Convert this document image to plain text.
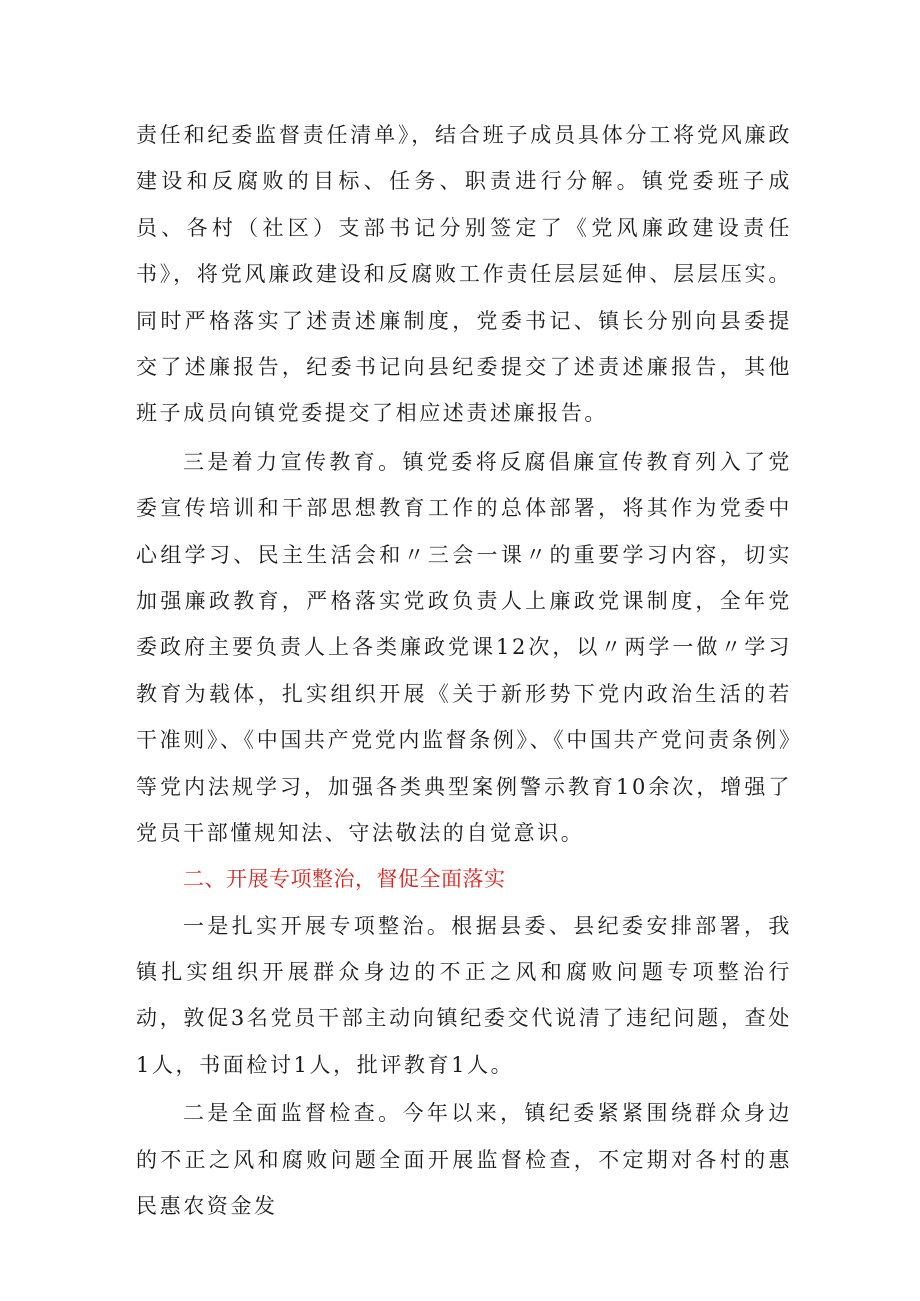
责任和纪委监督责任清单》，结合班子成员具体分工将党风廉政建设和反腐败的目标、任务、职责进行分解。镇党委班子成员、各村（社区）支部书记分别签定了《党风廉政建设责任书》，将党风廉政建设和反腐败工作责任层层延伸、层层压实。同时严格落实了述责述廉制度，党委书记、镇长分别向县委提交了述廉报告，纪委书记向县纪委提交了述责述廉报告，其他班子成员向镇党委提交了相应述责述廉报告。

三是着力宣传教育。镇党委将反腐倡廉宣传教育列入了党委宣传培训和干部思想教育工作的总体部署，将其作为党委中心组学习、民主生活会和〃三会一课〃的重要学习内容，切实加强廉政教育，严格落实党政负责人上廉政党课制度，全年党委政府主要负责人上各类廉政党课12次，以〃两学一做〃学习教育为载体，扎实组织开展《关于新形势下党内政治生活的若干准则》、《中国共产党党内监督条例》、《中国共产党问责条例》等党内法规学习，加强各类典型案例警示教育10余次，增强了党员干部懂规知法、守法敬法的自觉意识。

二、开展专项整治，督促全面落实

一是扎实开展专项整治。根据县委、县纪委安排部署，我镇扎实组织开展群众身边的不正之风和腐败问题专项整治行动，敦促3名党员干部主动向镇纪委交代说清了违纪问题，查处1人，书面检讨1人，批评教育1人。

二是全面监督检查。今年以来，镇纪委紧紧围绕群众身边的不正之风和腐败问题全面开展监督检查，不定期对各村的惠民惠农资金发
